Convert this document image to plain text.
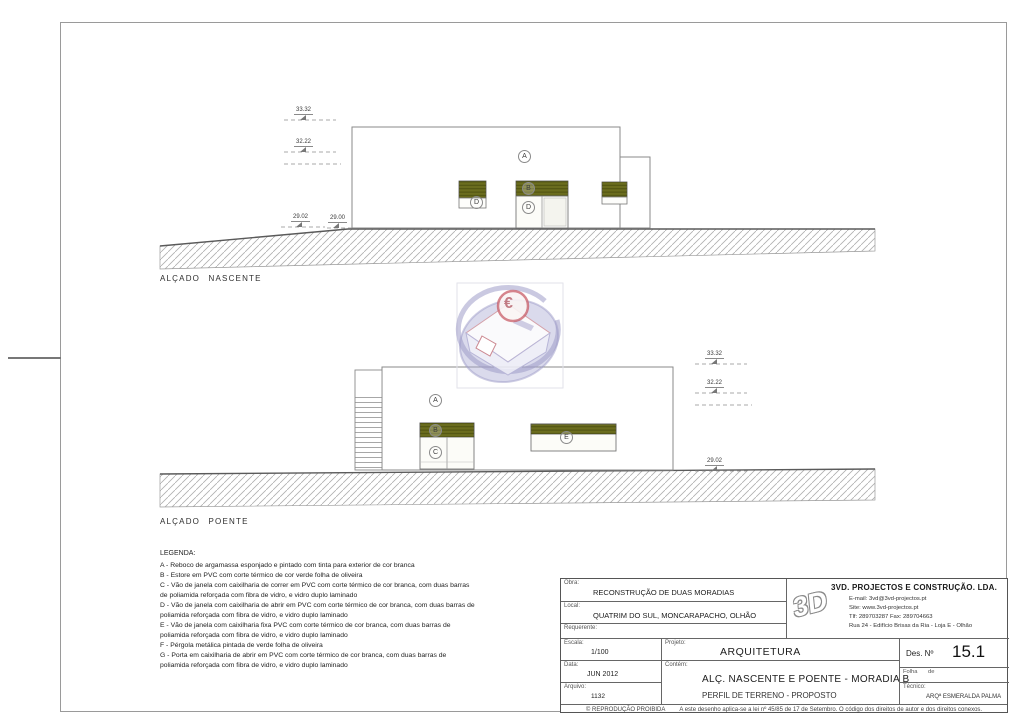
€
33.32
32.22
29.02	29.00
A
B
D
D
ALÇADO NASCENTE
33.32
32.22
29.02
A
B
C
E
ALÇADO POENTE
LEGENDA:
A - Reboco de argamassa esponjado e pintado com tinta para exterior de cor branca
B - Estore em PVC com corte térmico de cor verde folha de oliveira
C - Vão de janela com caixilharia de correr em PVC com corte térmico de cor branca, com duas barras
de poliamida reforçada com fibra de vidro, e vidro duplo laminado
D - Vão de janela com caixilharia de abrir em PVC com corte térmico de cor branca, com duas barras de
poliamida reforçada com fibra de vidro, e vidro duplo laminado
E - Vão de janela com caixilharia fixa PVC com corte térmico de cor branca, com duas barras de
poliamida reforçada com fibra de vidro, e vidro duplo laminado
F - Pérgola metálica pintada de verde folha de oliveira
G - Porta em caixilharia de abrir em PVC com corte térmico de cor branca, com duas barras de
poliamida reforçada com fibra de vidro, e vidro duplo laminado
Obra:
RECONSTRUÇÃO DE DUAS MORADIAS
Local:
QUATRIM DO SUL, MONCARAPACHO, OLHÃO
Requerente:
3D 3VD. PROJECTOS E CONSTRUÇÃO. LDA.
E-mail: 3vd@3vd-projectos.pt
Site: www.3vd-projectos.pt
Tlf: 289703287 Fax: 289704663
Rua 24 - Edifício Brisas da Ria - Loja E - Olhão
Escala:
1/100
Data:
JUN 2012
Arquivo:
1132
Projeto:
ARQUITETURA
Contém:
ALÇ. NASCENTE E POENTE - MORADIA B
PERFIL DE TERRENO - PROPOSTO
Des. Nº 15.1
Folha de
Técnico:
ARQª ESMERALDA PALMA
© REPRODUÇÃO PROIBIDA A este desenho aplica-se a lei nº 45/85 de 17 de Setembro. O código dos direitos de autor e dos direitos conexos.
